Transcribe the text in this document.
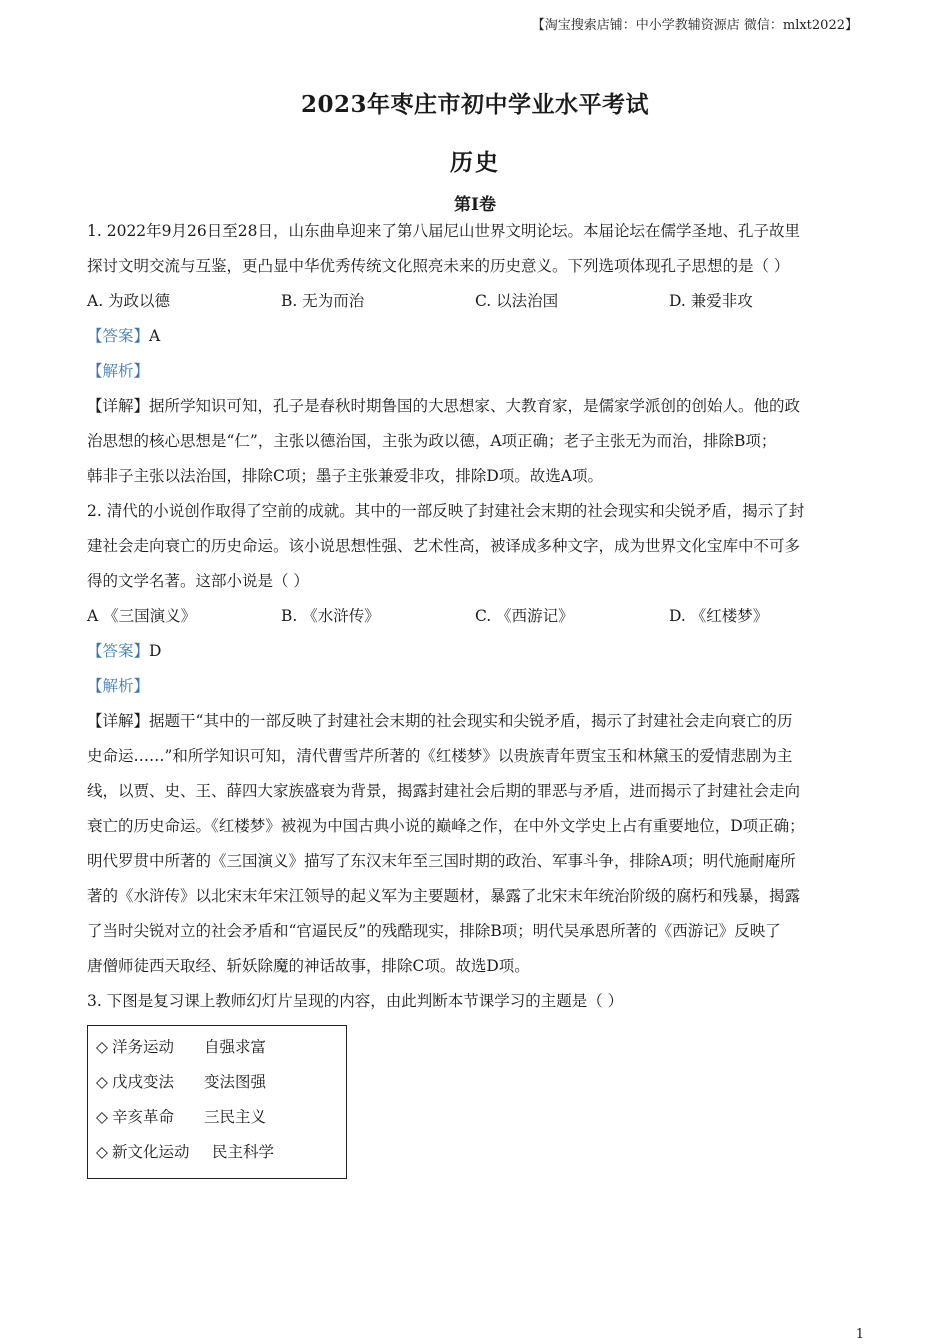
【淘宝搜索店铺：中小学教辅资源店 微信：mlxt2022】
2023年枣庄市初中学业水平考试
历史
第Ⅰ卷
1. 2022年9月26日至28日，山东曲阜迎来了第八届尼山世界文明论坛。本届论坛在儒学圣地、孔子故里
探讨文明交流与互鉴，更凸显中华优秀传统文化照亮未来的历史意义。下列选项体现孔子思想的是（ ）
A. 为政以德	B. 无为而治	C. 以法治国	D. 兼爱非攻
【答案】A
【解析】
【详解】据所学知识可知，孔子是春秋时期鲁国的大思想家、大教育家，是儒家学派创的创始人。他的政
治思想的核心思想是“仁”，主张以德治国，主张为政以德，A项正确；老子主张无为而治，排除B项；
韩非子主张以法治国，排除C项；墨子主张兼爱非攻，排除D项。故选A项。
2. 清代的小说创作取得了空前的成就。其中的一部反映了封建社会末期的社会现实和尖锐矛盾，揭示了封
建社会走向衰亡的历史命运。该小说思想性强、艺术性高，被译成多种文字，成为世界文化宝库中不可多
得的文学名著。这部小说是（ ）
A 《三国演义》	B. 《水浒传》	C. 《西游记》	D. 《红楼梦》
【答案】D
【解析】
【详解】据题干“其中的一部反映了封建社会末期的社会现实和尖锐矛盾，揭示了封建社会走向衰亡的历
史命运……”和所学知识可知，清代曹雪芹所著的《红楼梦》以贵族青年贾宝玉和林黛玉的爱情悲剧为主
线，以贾、史、王、薛四大家族盛衰为背景，揭露封建社会后期的罪恶与矛盾，进而揭示了封建社会走向
衰亡的历史命运。《红楼梦》被视为中国古典小说的巅峰之作，在中外文学史上占有重要地位，D项正确；
明代罗贯中所著的《三国演义》描写了东汉末年至三国时期的政治、军事斗争，排除A项；明代施耐庵所
著的《水浒传》以北宋末年宋江领导的起义军为主要题材，暴露了北宋末年统治阶级的腐朽和残暴，揭露
了当时尖锐对立的社会矛盾和“官逼民反”的残酷现实，排除B项；明代吴承恩所著的《西游记》反映了
唐僧师徒西天取经、斩妖除魔的神话故事，排除C项。故选D项。
3. 下图是复习课上教师幻灯片呈现的内容，由此判断本节课学习的主题是（ ）
◇ 洋务运动 自强求富
◇ 戊戌变法 变法图强
◇ 辛亥革命 三民主义
◇ 新文化运动 民主科学
1
